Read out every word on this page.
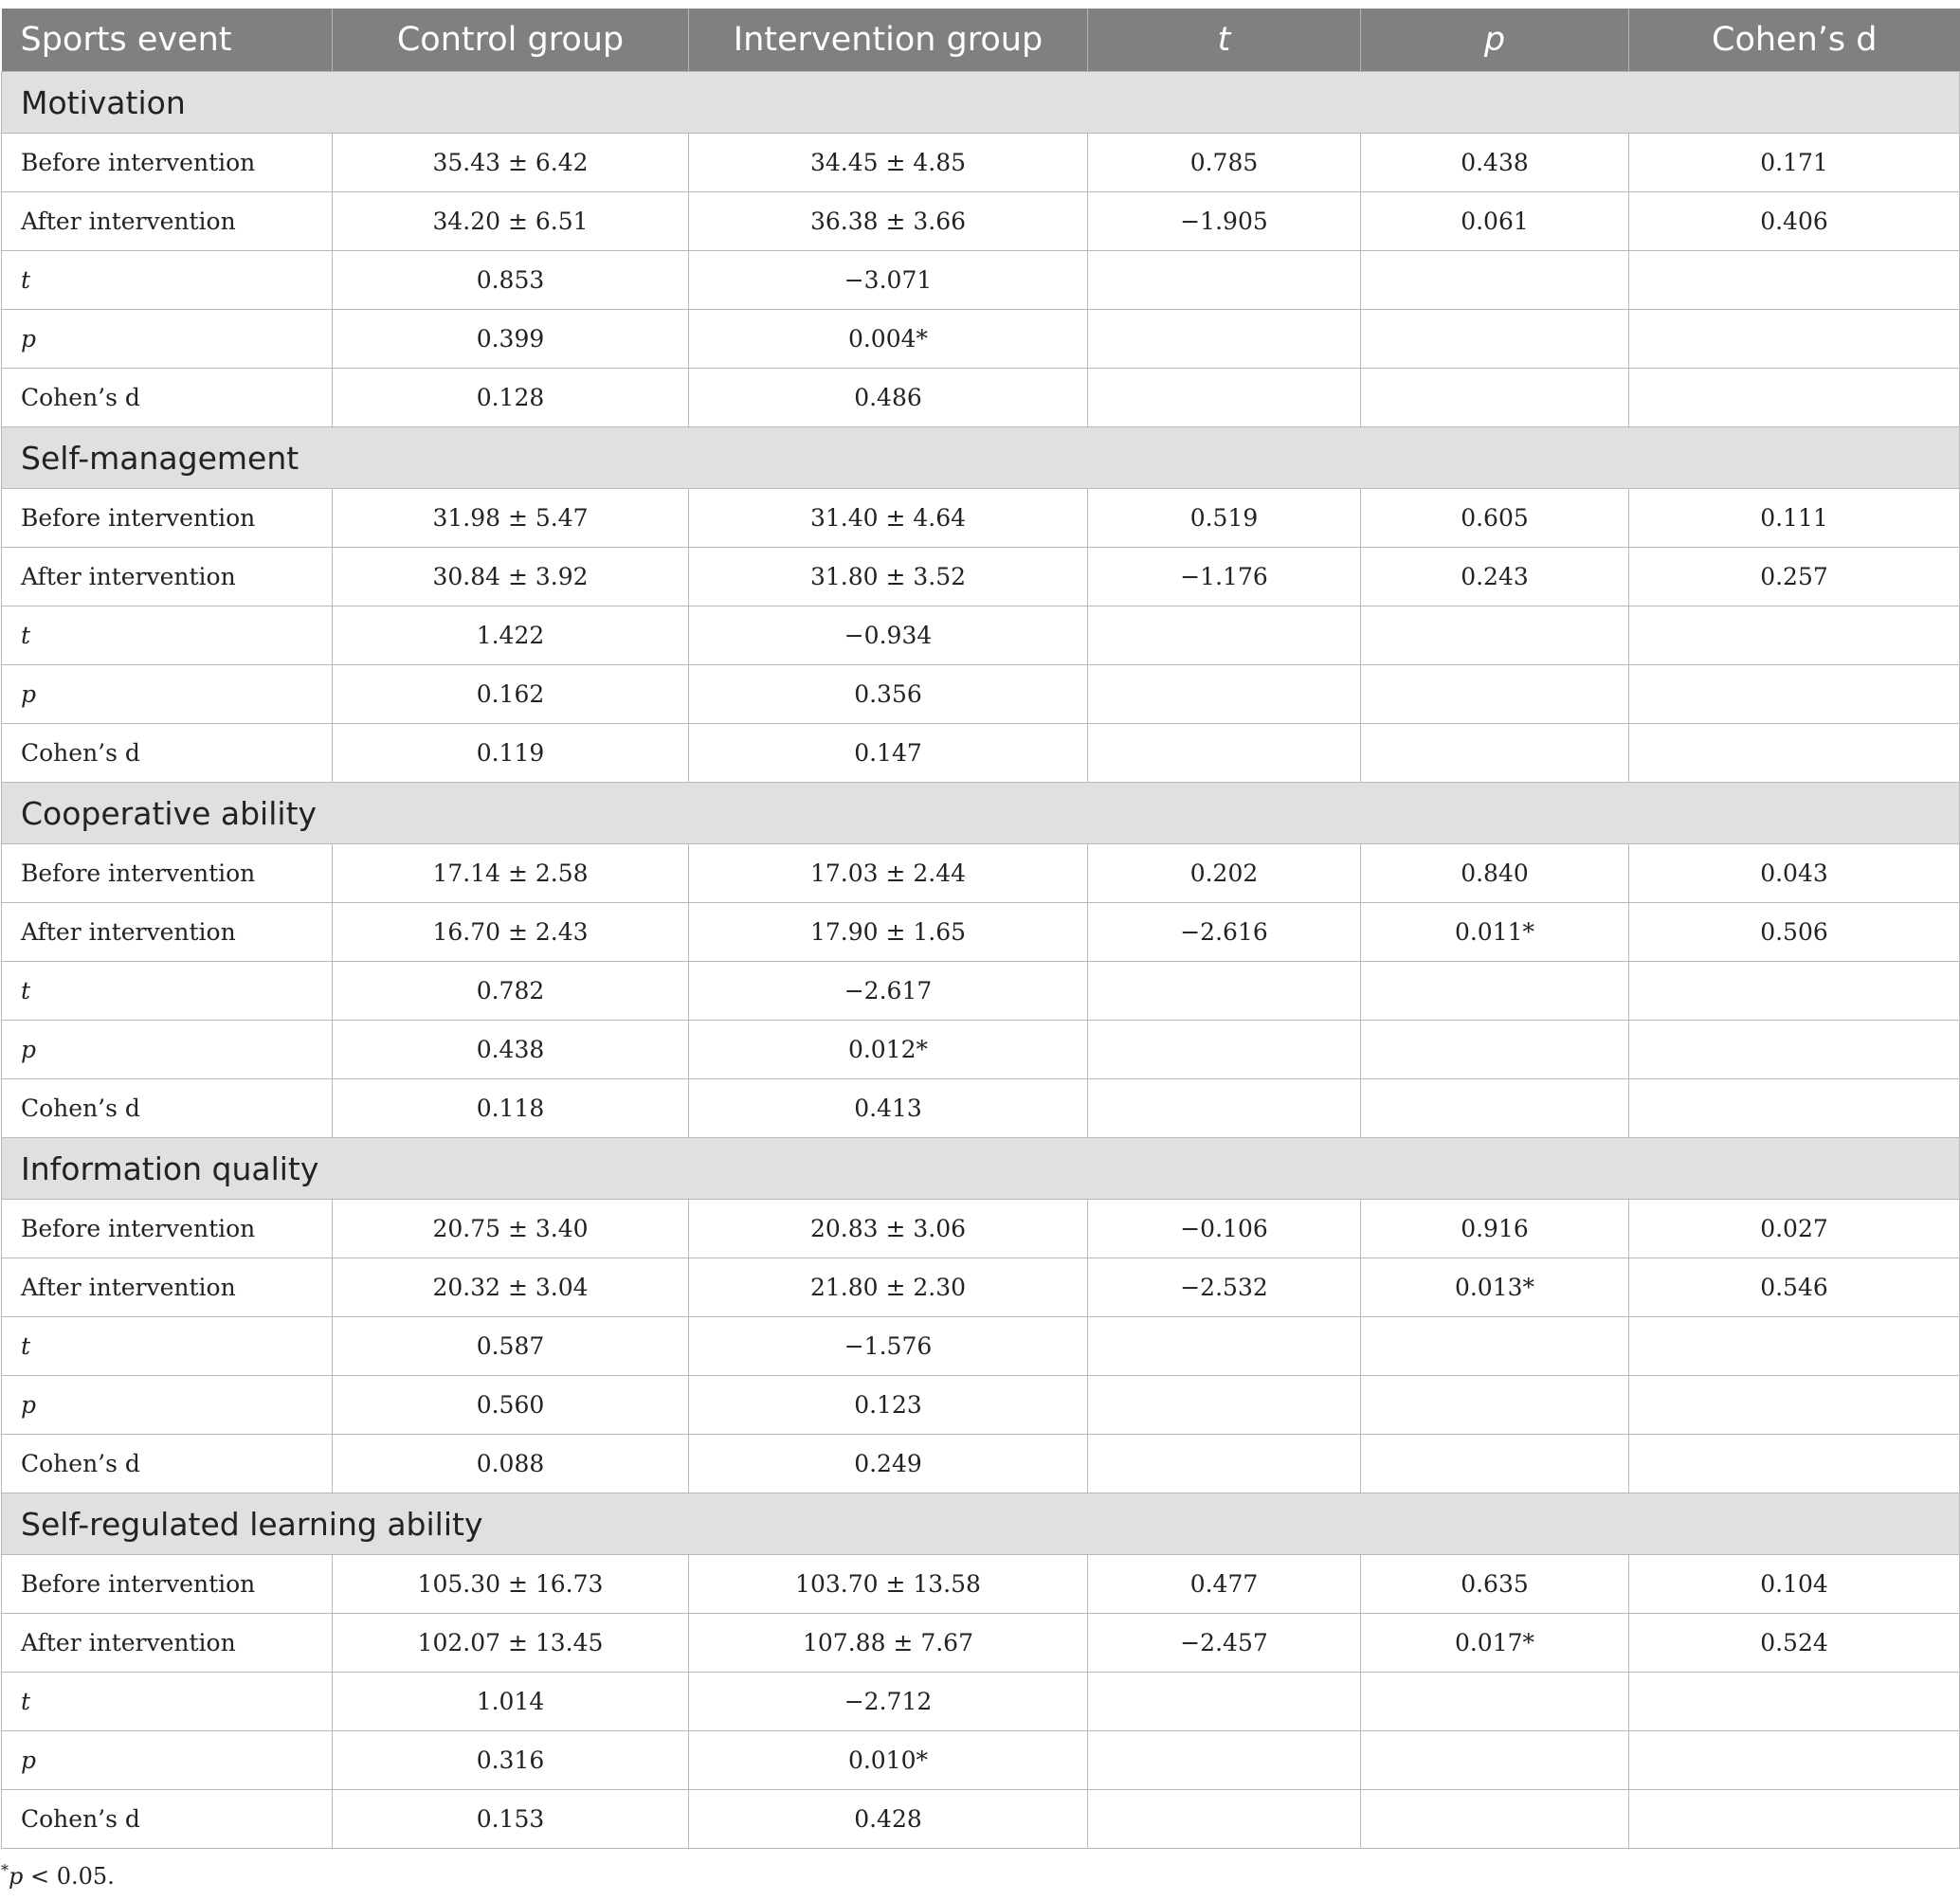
Sports event	Control group	Intervention group	t	p	Cohen’s d
Motivation					
Before intervention	35.43 ± 6.42	34.45 ± 4.85	0.785	0.438	0.171
After intervention	34.20 ± 6.51	36.38 ± 3.66	−1.905	0.061	0.406
t	0.853	−3.071			
p	0.399	0.004*			
Cohen’s d	0.128	0.486			
Self-management					
Before intervention	31.98 ± 5.47	31.40 ± 4.64	0.519	0.605	0.111
After intervention	30.84 ± 3.92	31.80 ± 3.52	−1.176	0.243	0.257
t	1.422	−0.934			
p	0.162	0.356			
Cohen’s d	0.119	0.147			
Cooperative ability					
Before intervention	17.14 ± 2.58	17.03 ± 2.44	0.202	0.840	0.043
After intervention	16.70 ± 2.43	17.90 ± 1.65	−2.616	0.011*	0.506
t	0.782	−2.617			
p	0.438	0.012*			
Cohen’s d	0.118	0.413			
Information quality					
Before intervention	20.75 ± 3.40	20.83 ± 3.06	−0.106	0.916	0.027
After intervention	20.32 ± 3.04	21.80 ± 2.30	−2.532	0.013*	0.546
t	0.587	−1.576			
p	0.560	0.123			
Cohen’s d	0.088	0.249			
Self-regulated learning ability					
Before intervention	105.30 ± 16.73	103.70 ± 13.58	0.477	0.635	0.104
After intervention	102.07 ± 13.45	107.88 ± 7.67	−2.457	0.017*	0.524
t	1.014	−2.712			
p	0.316	0.010*			
Cohen’s d	0.153	0.428			
*p < 0.05.
